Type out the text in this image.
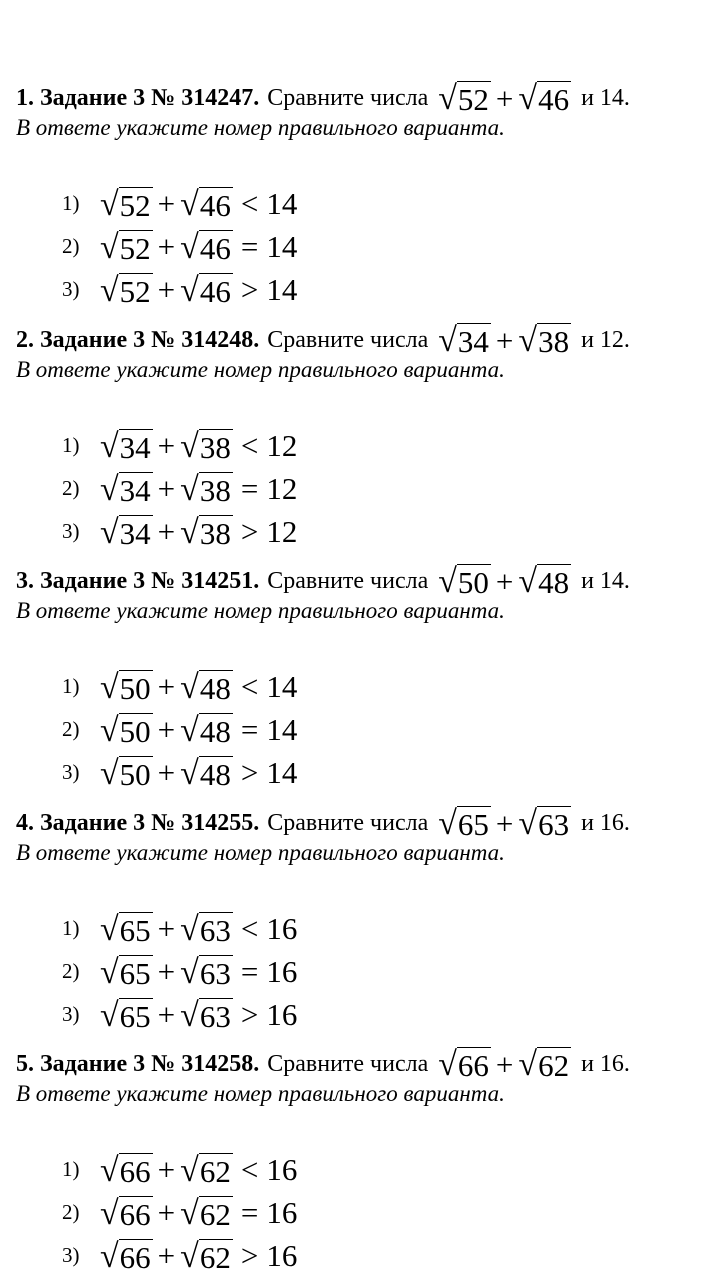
1. Задание 3 № 314247. Сравните числа √ 52 + √ 46 и
14.
В ответе укажите номер правильного варианта.
1) √ 52 + √ 46 < 14
2) √ 52 + √ 46 = 14
3) √ 52 + √ 46 > 14
2. Задание 3 № 314248. Сравните числа √ 34 + √ 38 и
12.
В ответе укажите номер правильного варианта.
1) √ 34 + √ 38 < 12
2) √ 34 + √ 38 = 12
3) √ 34 + √ 38 > 12
3. Задание 3 № 314251. Сравните числа √ 50 + √ 48 и
14.
В ответе укажите номер правильного варианта.
1) √ 50 + √ 48 < 14
2) √ 50 + √ 48 = 14
3) √ 50 + √ 48 > 14
4. Задание 3 № 314255. Сравните числа √ 65 + √ 63 и
16.
В ответе укажите номер правильного варианта.
1) √ 65 + √ 63 < 16
2) √ 65 + √ 63 = 16
3) √ 65 + √ 63 > 16
5. Задание 3 № 314258. Сравните числа √ 66 + √ 62 и
16.
В ответе укажите номер правильного варианта.
1) √ 66 + √ 62 < 16
2) √ 66 + √ 62 = 16
3) √ 66 + √ 62 > 16
